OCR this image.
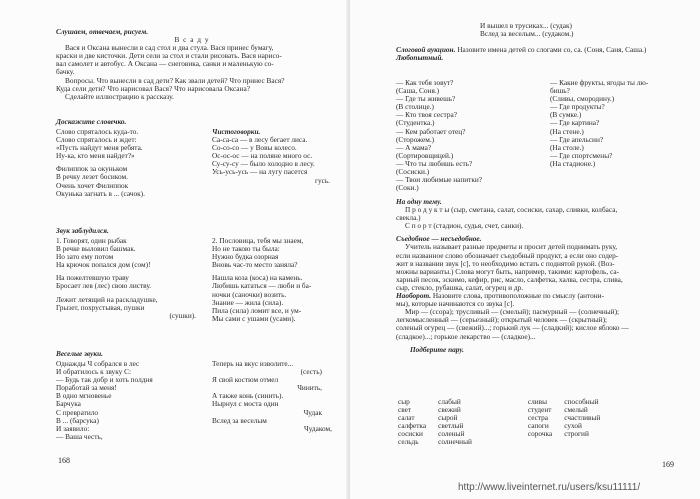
Слушаем, отвечаем, рисуем.
В с а д у
Вася и Оксана вынесли в сад стол и два стула. Вася принес бумагу,
краски и две кисточки. Дети сели за стол и стали рисовать. Вася нарисо-
вал самолет и автобус. А Оксана — снеговика, санки и маленькую со-
бачку.
Вопросы. Что вынесли в сад дети? Как звали детей? Что принес Вася?
Куда сели дети? Что нарисовал Вася? Что нарисовала Оксана?
Сделайте иллюстрацию к рассказу.
Доскажите словечко.
Слово спряталось куда-то.
Слово спряталось и ждет:
«Пусть найдут меня ребята.
Ну-ка, кто меня найдет?»
Филиппок за окуньком
В речку лезет босиком.
Очень хочет Филиппок
Окунька загнать в ... (сачок).
Чистоговорки.
Са-са-са — в лесу бегает лиса.
Со-со-со — у Вовы колесо.
Ос-ос-ос — на поляне много ос.
Су-су-су — было холодно в лесу.
Усь-усь-усь — на лугу пасется
гусь.
Звук заблудился.
1. Говорят, один рыбак
В речке выловил башмак.
Но зато ему потом
На крючок попался дом (сом)!
На пожелтевшую траву
Бросает лев (лес) свою листву.
Лежит летящий на раскладушке,
Грызет, похрустывая, пушки
(сушки).
2. Пословица, тебя мы знаем,
Но не такою ты была:
Нужно будка озорная
Вновь час-то место заняла?
Нашла коза (коса) на камень.
Любишь кататься — люби и ба-
ночки (саночки) возить.
Знание — жила (сила).
Пила (сила) ломит все, и ум-
Мы сами с ушами (усами).
Веселые звуки.
Однажды Ч собрался в лес
И обратилось к звуку С:
— Будь так добр и хоть полдня
Поработай за меня!
В одно мгновенье
Барчука
С превратило
В ... (барсука)
И заявило:
— Ваша честь,
Теперь на вкус изволите...
(сесть)
Я свой костюм отмел
Чинить,
А также конь (синить).
Нырнул с моста один
Чудак
Вслед за веселым
Чудаком,
168
И вышел в трусиках... (судак)
Вслед за веселым... (судаком.)
Слоговой аукцион. Назовите имена детей со слогами со, са. (Соня, Саня, Саша.)
Любопытный.
— Как тебя зовут?
(Саша, Соня.)
— Где ты живешь?
(В столице.)
— Кто твоя сестра?
(Студентка.)
— Кем работает отец?
(Сторожем.)
— А мама?
(Сортировщицей.)
— Что ты любишь есть?
(Сосиски.)
— Твои любимые напитки?
(Соки.)
— Какие фрукты, ягоды ты лю-
бишь?
(Сливы, смородину.)
— Где продукты?
(В сумке.)
— Где картина?
(На стене.)
— Где апельсин?
(На столе.)
— Где спортсмены?
(На стадионе.)
На одну тему.
П р о д у к т ы (сыр, сметана, салат, сосиски, сахар, сливки, колбаса,
свекла.)
С п о р т (стадион, судья, счет, санки).
Съедобное — несъедобное.
Учитель называет разные предметы и просит детей поднимать руку,
если названное слово обозначает съедобный продукт, а если оно содер-
жит в названии звук [с], то необходимо встать с поднятой рукой. (Воз-
можны варианты.) Слова могут быть, например, такими: картофель, са-
харный песок, эскимо, кефир, рис, масло, салфетка, халва, сестра, слива,
сыр, стекло, рубашка, салат, огурец и др.
Наоборот. Назовите слова, противоположные по смыслу (антони-
мы), которые начинаются со звука [с].
Мир — (ссора); трусливый — (смелый); пасмурный — (солнечный);
легкомысленный — (серьезный); открытый человек — (скрытный);
соленый огурец — (свежий)...; горький лук — (сладкий); кислое яблоко —
(сладкое)...; горькое лекарство — (сладкое)...
Подберите пару.
сыр	слабый	сливы	способный
свет	свежий	студент	смелый
салат	сырой	сестра	счастливый
салфетка	светлый	сапоги	сухой
сосиски	соленый	сорочка	строгий
сельдь	солнечный		
169
http://www.liveinternet.ru/users/ksu11111/
